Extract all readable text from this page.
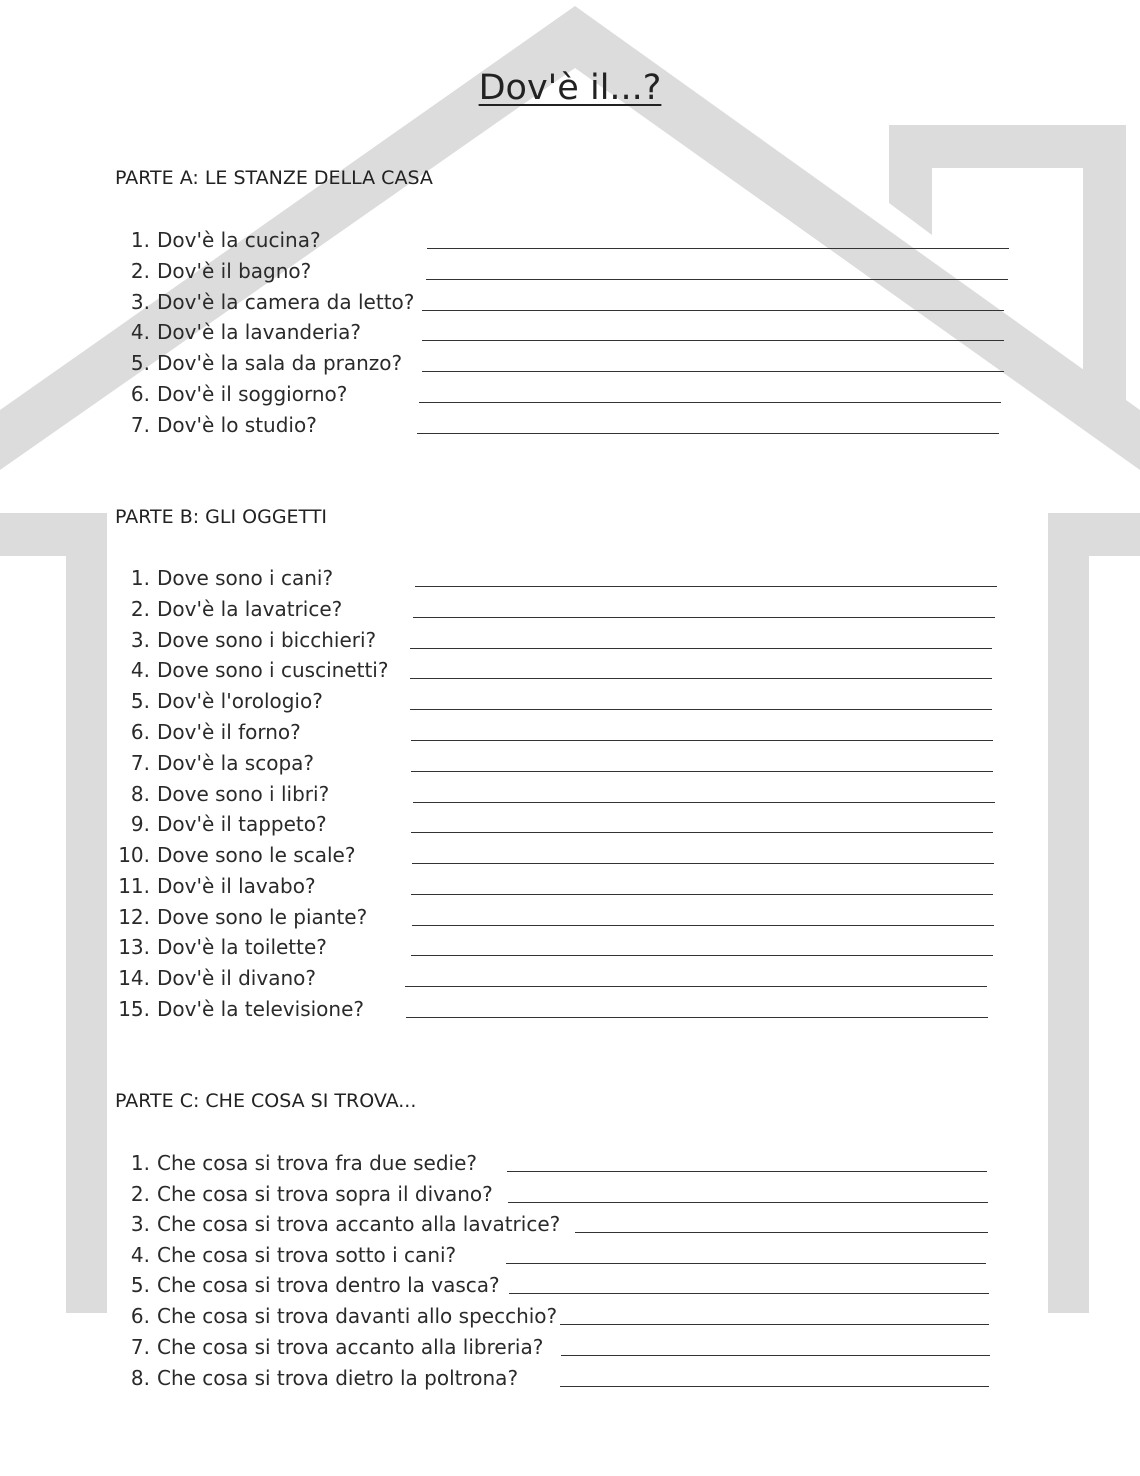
Dov'è il...?
PARTE A: LE STANZE DELLA CASA
1. Dov'è la cucina?
2. Dov'è il bagno?
3. Dov'è la camera da letto?
4. Dov'è la lavanderia?
5. Dov'è la sala da pranzo?
6. Dov'è il soggiorno?
7. Dov'è lo studio?
PARTE B: GLI OGGETTI
1. Dove sono i cani?
2. Dov'è la lavatrice?
3. Dove sono i bicchieri?
4. Dove sono i cuscinetti?
5. Dov'è l'orologio?
6. Dov'è il forno?
7. Dov'è la scopa?
8. Dove sono i libri?
9. Dov'è il tappeto?
10. Dove sono le scale?
11. Dov'è il lavabo?
12. Dove sono le piante?
13. Dov'è la toilette?
14. Dov'è il divano?
15. Dov'è la televisione?
PARTE C: CHE COSA SI TROVA...
1. Che cosa si trova fra due sedie?
2. Che cosa si trova sopra il divano?
3. Che cosa si trova accanto alla lavatrice?
4. Che cosa si trova sotto i cani?
5. Che cosa si trova dentro la vasca?
6. Che cosa si trova davanti allo specchio?
7. Che cosa si trova accanto alla libreria?
8. Che cosa si trova dietro la poltrona?
